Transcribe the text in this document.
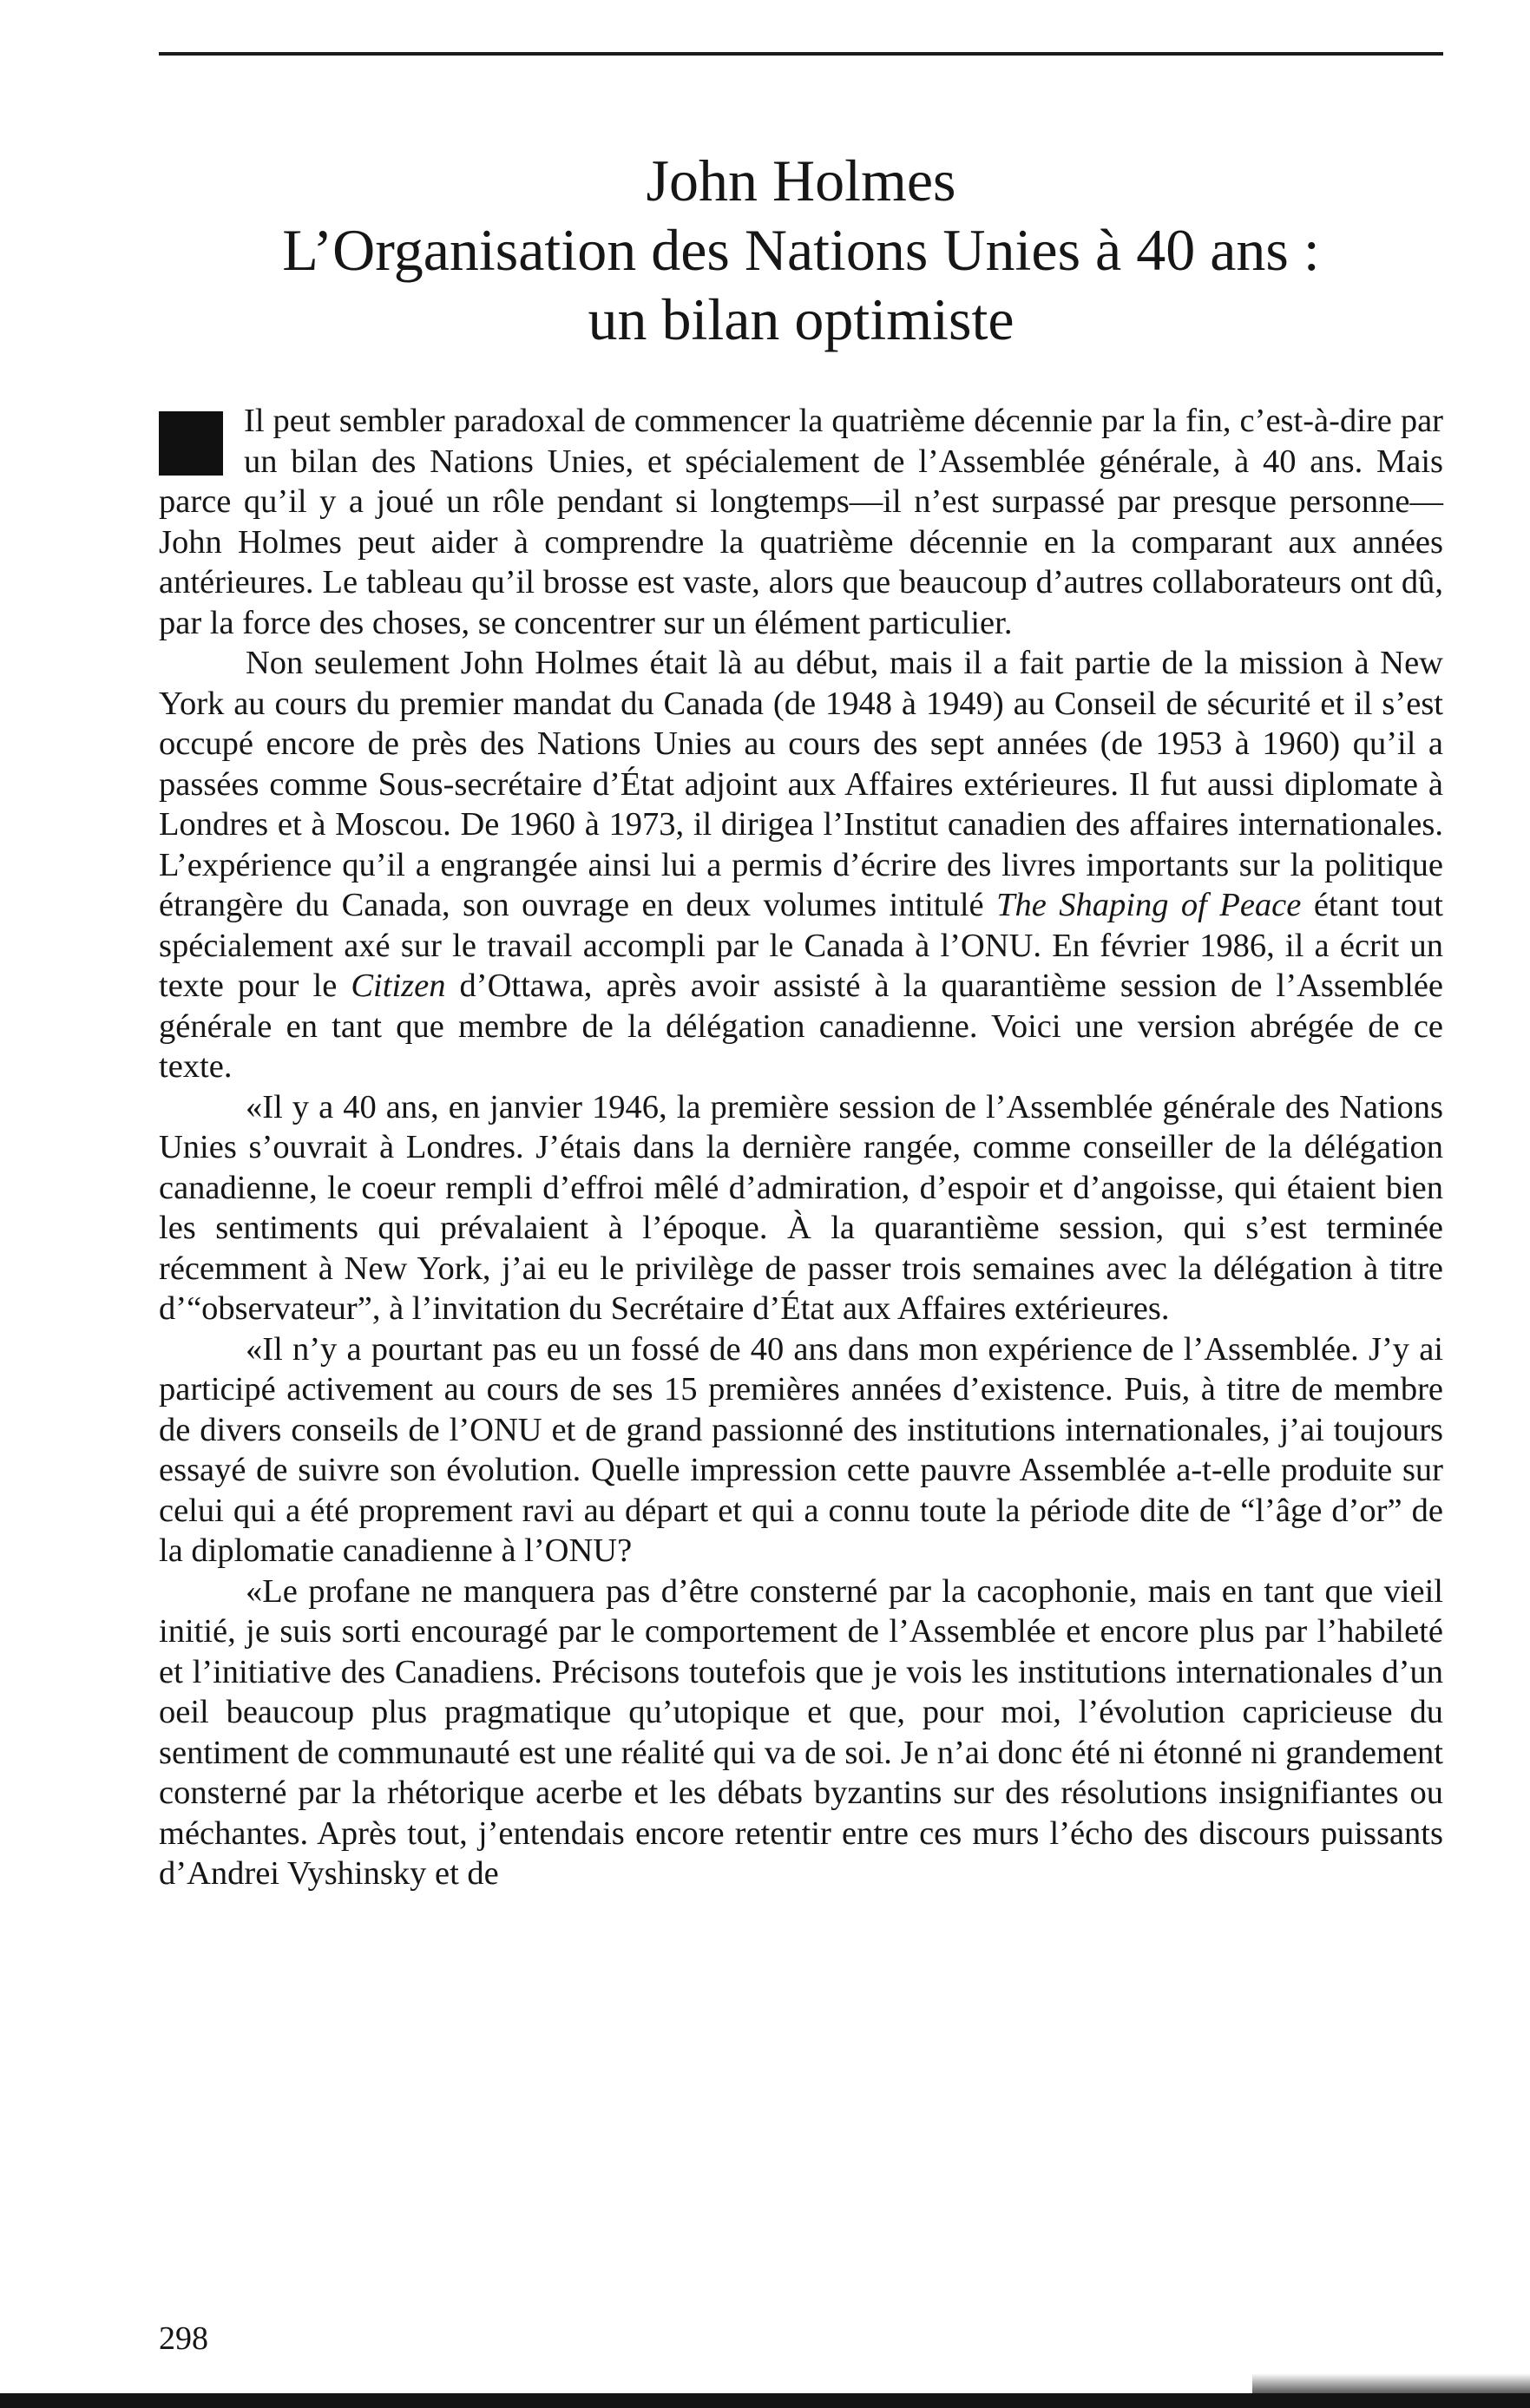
John Holmes
L’Organisation des Nations Unies à 40 ans :
un bilan optimiste

Il peut sembler paradoxal de commencer la quatrième décennie par la fin, c’est-à-dire par un bilan des Nations Unies, et spécialement de l’Assemblée générale, à 40 ans. Mais parce qu’il y a joué un rôle pendant si longtemps—il n’est surpassé par presque personne—John Holmes peut aider à comprendre la quatrième décennie en la comparant aux années antérieures. Le tableau qu’il brosse est vaste, alors que beaucoup d’autres collaborateurs ont dû, par la force des choses, se concentrer sur un élément particulier.

Non seulement John Holmes était là au début, mais il a fait partie de la mission à New York au cours du premier mandat du Canada (de 1948 à 1949) au Conseil de sécurité et il s’est occupé encore de près des Nations Unies au cours des sept années (de 1953 à 1960) qu’il a passées comme Sous-secrétaire d’État adjoint aux Affaires extérieures. Il fut aussi diplomate à Londres et à Moscou. De 1960 à 1973, il dirigea l’Institut canadien des affaires internationales. L’expérience qu’il a engrangée ainsi lui a permis d’écrire des livres importants sur la politique étrangère du Canada, son ouvrage en deux volumes intitulé The Shaping of Peace étant tout spécialement axé sur le travail accompli par le Canada à l’ONU. En février 1986, il a écrit un texte pour le Citizen d’Ottawa, après avoir assisté à la quarantième session de l’Assemblée générale en tant que membre de la délégation canadienne. Voici une version abrégée de ce texte.

«Il y a 40 ans, en janvier 1946, la première session de l’Assemblée générale des Nations Unies s’ouvrait à Londres. J’étais dans la dernière rangée, comme conseiller de la délégation canadienne, le coeur rempli d’effroi mêlé d’admiration, d’espoir et d’angoisse, qui étaient bien les sentiments qui prévalaient à l’époque. À la quarantième session, qui s’est terminée récemment à New York, j’ai eu le privilège de passer trois semaines avec la délégation à titre d’“observateur”, à l’invitation du Secrétaire d’État aux Affaires extérieures.

«Il n’y a pourtant pas eu un fossé de 40 ans dans mon expérience de l’Assemblée. J’y ai participé activement au cours de ses 15 premières années d’existence. Puis, à titre de membre de divers conseils de l’ONU et de grand passionné des institutions internationales, j’ai toujours essayé de suivre son évolution. Quelle impression cette pauvre Assemblée a-t-elle produite sur celui qui a été proprement ravi au départ et qui a connu toute la période dite de “l’âge d’or” de la diplomatie canadienne à l’ONU?

«Le profane ne manquera pas d’être consterné par la cacophonie, mais en tant que vieil initié, je suis sorti encouragé par le comportement de l’Assemblée et encore plus par l’habileté et l’initiative des Canadiens. Précisons toutefois que je vois les institutions internationales d’un oeil beaucoup plus pragmatique qu’utopique et que, pour moi, l’évolution capricieuse du sentiment de communauté est une réalité qui va de soi. Je n’ai donc été ni étonné ni grandement consterné par la rhétorique acerbe et les débats byzantins sur des résolutions insignifiantes ou méchantes. Après tout, j’entendais encore retentir entre ces murs l’écho des discours puissants d’Andrei Vyshinsky et de

298
